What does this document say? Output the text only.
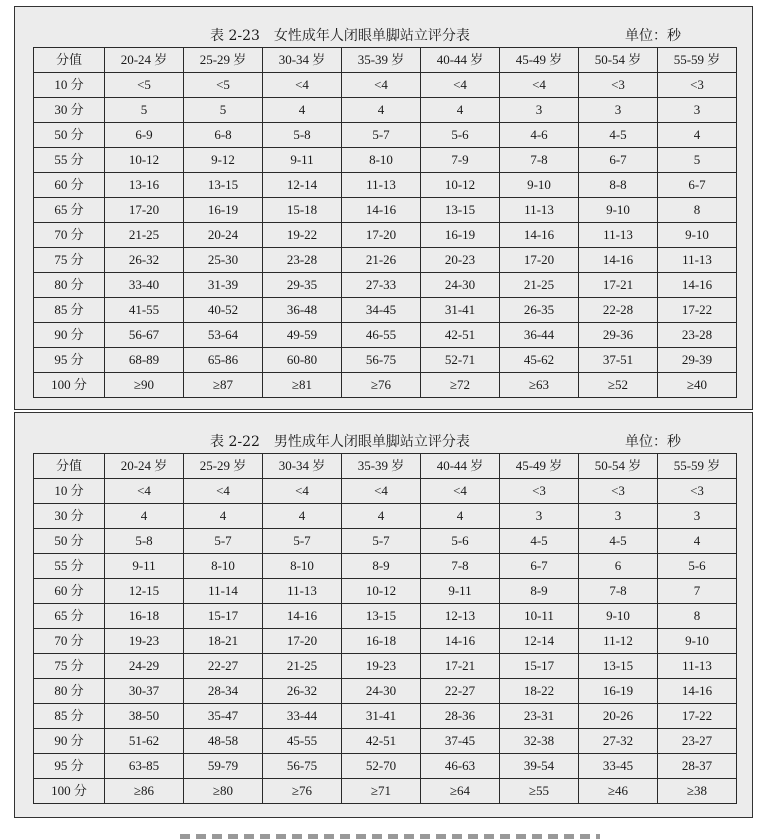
表 2-23　女性成年人闭眼单脚站立评分表	单位：秒
分值	20-24 岁	25-29 岁	30-34 岁	35-39 岁	40-44 岁	45-49 岁	50-54 岁	55-59 岁
10 分	<5	<5	<4	<4	<4	<4	<3	<3
30 分	5	5	4	4	4	3	3	3
50 分	6-9	6-8	5-8	5-7	5-6	4-6	4-5	4
55 分	10-12	9-12	9-11	8-10	7-9	7-8	6-7	5
60 分	13-16	13-15	12-14	11-13	10-12	9-10	8-8	6-7
65 分	17-20	16-19	15-18	14-16	13-15	11-13	9-10	8
70 分	21-25	20-24	19-22	17-20	16-19	14-16	11-13	9-10
75 分	26-32	25-30	23-28	21-26	20-23	17-20	14-16	11-13
80 分	33-40	31-39	29-35	27-33	24-30	21-25	17-21	14-16
85 分	41-55	40-52	36-48	34-45	31-41	26-35	22-28	17-22
90 分	56-67	53-64	49-59	46-55	42-51	36-44	29-36	23-28
95 分	68-89	65-86	60-80	56-75	52-71	45-62	37-51	29-39
100 分	≥90	≥87	≥81	≥76	≥72	≥63	≥52	≥40
表 2-22　男性成年人闭眼单脚站立评分表	单位：秒
分值	20-24 岁	25-29 岁	30-34 岁	35-39 岁	40-44 岁	45-49 岁	50-54 岁	55-59 岁
10 分	<4	<4	<4	<4	<4	<3	<3	<3
30 分	4	4	4	4	4	3	3	3
50 分	5-8	5-7	5-7	5-7	5-6	4-5	4-5	4
55 分	9-11	8-10	8-10	8-9	7-8	6-7	6	5-6
60 分	12-15	11-14	11-13	10-12	9-11	8-9	7-8	7
65 分	16-18	15-17	14-16	13-15	12-13	10-11	9-10	8
70 分	19-23	18-21	17-20	16-18	14-16	12-14	11-12	9-10
75 分	24-29	22-27	21-25	19-23	17-21	15-17	13-15	11-13
80 分	30-37	28-34	26-32	24-30	22-27	18-22	16-19	14-16
85 分	38-50	35-47	33-44	31-41	28-36	23-31	20-26	17-22
90 分	51-62	48-58	45-55	42-51	37-45	32-38	27-32	23-27
95 分	63-85	59-79	56-75	52-70	46-63	39-54	33-45	28-37
100 分	≥86	≥80	≥76	≥71	≥64	≥55	≥46	≥38
